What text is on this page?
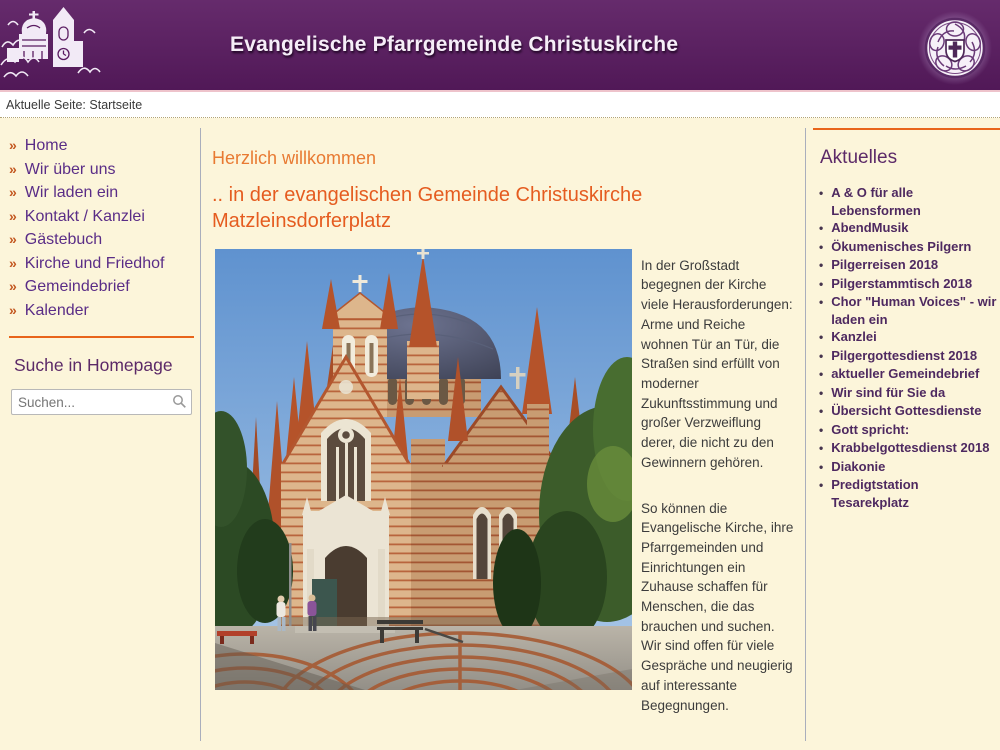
Evangelische Pfarrgemeinde Christuskirche
Aktuelle Seite: Startseite
» Home
» Wir über uns
» Wir laden ein
» Kontakt / Kanzlei
» Gästebuch
» Kirche und Friedhof
» Gemeindebrief
» Kalender
Suche in Homepage
Suchen...
Herzlich willkommen
.. in der evangelischen Gemeinde Christuskirche Matzleinsdorferplatz

In der Großstadt begegnen der Kirche viele Herausforderungen: Arme und Reiche wohnen Tür an Tür, die Straßen sind erfüllt von moderner Zukunftsstimmung und großer Verzweiflung derer, die nicht zu den Gewinnern gehören.

So können die Evangelische Kirche, ihre Pfarrgemeinden und Einrichtungen ein Zuhause schaffen für Menschen, die das brauchen und suchen. Wir sind offen für viele Gespräche und neugierig auf interessante Begegnungen.

Aktuelles
• A & O für alle Lebensformen
• AbendMusik
• Ökumenisches Pilgern
• Pilgerreisen 2018
• Pilgerstammtisch 2018
• Chor "Human Voices" - wir laden ein
• Kanzlei
• Pilgergottesdienst 2018
• aktueller Gemeindebrief
• Wir sind für Sie da
• Übersicht Gottesdienste
• Gott spricht:
• Krabbelgottesdienst 2018
• Diakonie
• Predigtstation Tesarekplatz
